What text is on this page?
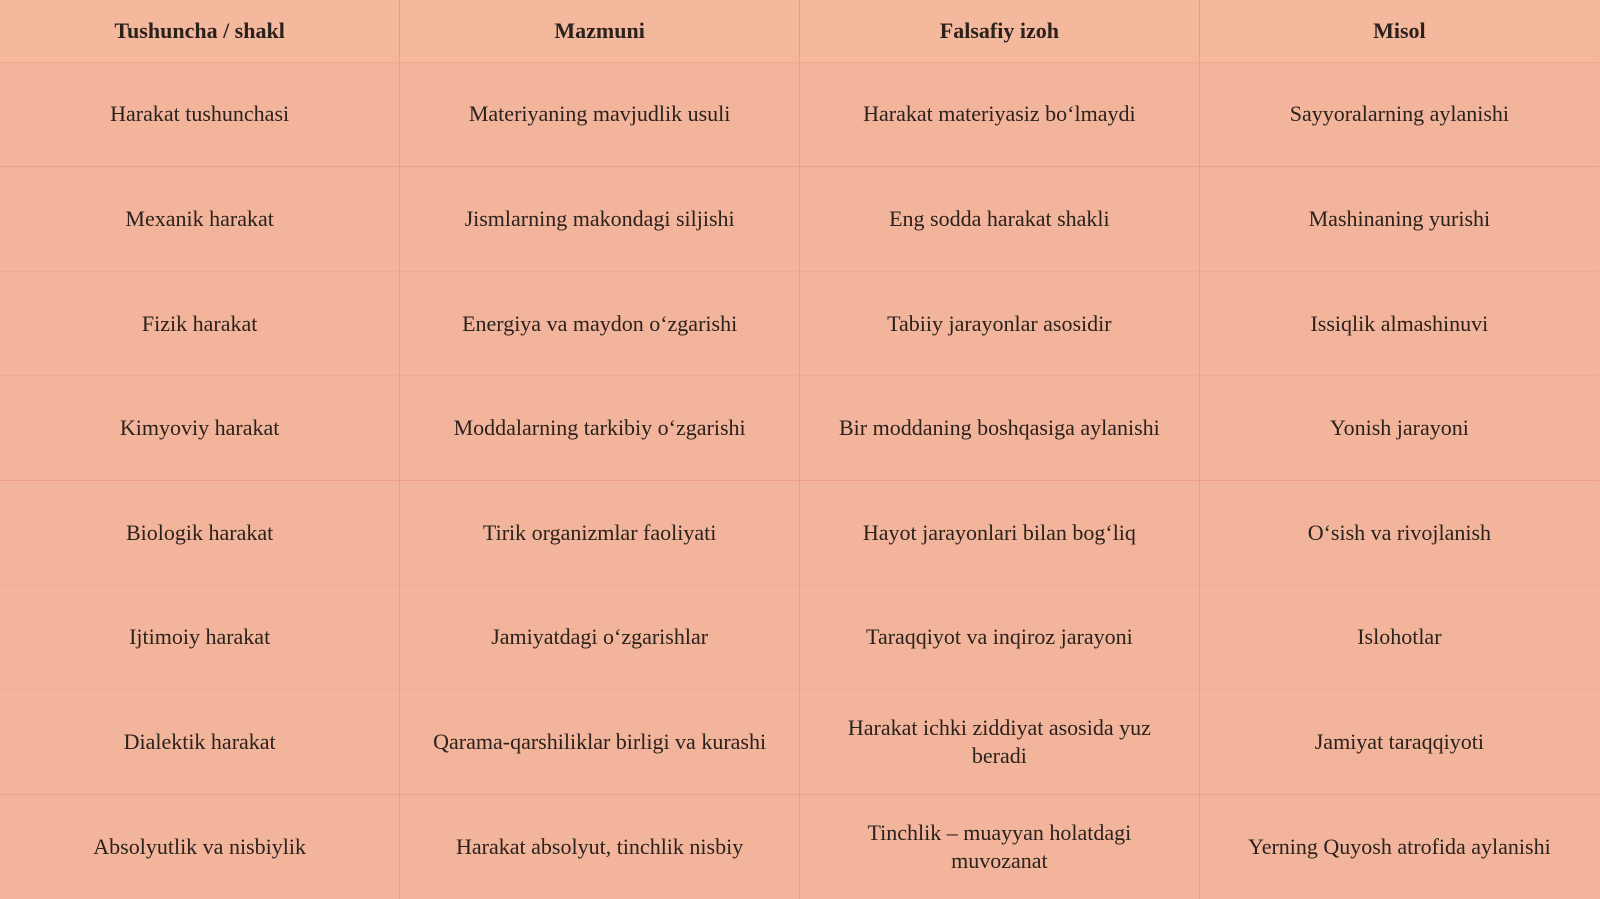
Tushuncha / shakl	Mazmuni	Falsafiy izoh	Misol
Harakat tushunchasi	Materiyaning mavjudlik usuli	Harakat materiyasiz bo‘lmaydi	Sayyoralarning aylanishi
Mexanik harakat	Jismlarning makondagi siljishi	Eng sodda harakat shakli	Mashinaning yurishi
Fizik harakat	Energiya va maydon o‘zgarishi	Tabiiy jarayonlar asosidir	Issiqlik almashinuvi
Kimyoviy harakat	Moddalarning tarkibiy o‘zgarishi	Bir moddaning boshqasiga aylanishi	Yonish jarayoni
Biologik harakat	Tirik organizmlar faoliyati	Hayot jarayonlari bilan bog‘liq	O‘sish va rivojlanish
Ijtimoiy harakat	Jamiyatdagi o‘zgarishlar	Taraqqiyot va inqiroz jarayoni	Islohotlar
Dialektik harakat	Qarama-qarshiliklar birligi va kurashi	Harakat ichki ziddiyat asosida yuz beradi	Jamiyat taraqqiyoti
Absolyutlik va nisbiylik	Harakat absolyut, tinchlik nisbiy	Tinchlik – muayyan holatdagi muvozanat	Yerning Quyosh atrofida aylanishi
